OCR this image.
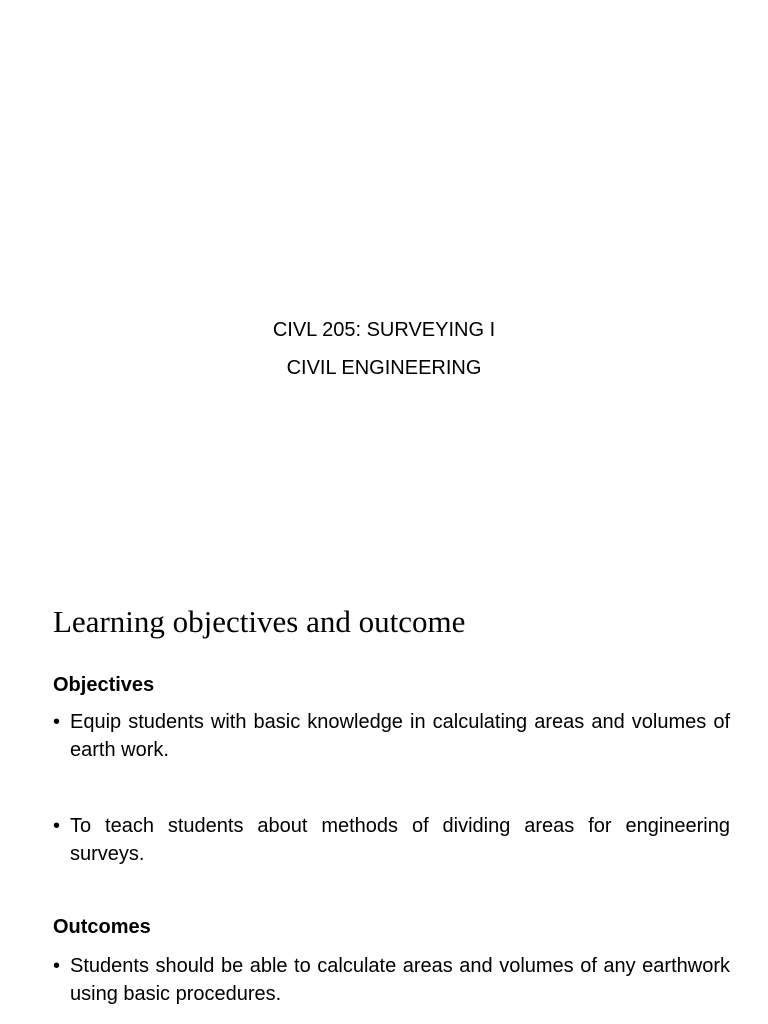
CIVL 205: SURVEYING I
CIVIL ENGINEERING
Learning objectives and outcome
Objectives
• Equip students with basic knowledge in calculating areas and volumes of earth work.
• To teach students about methods of dividing areas for engineering surveys.
Outcomes
• Students should be able to calculate areas and volumes of any earthwork using basic procedures.
